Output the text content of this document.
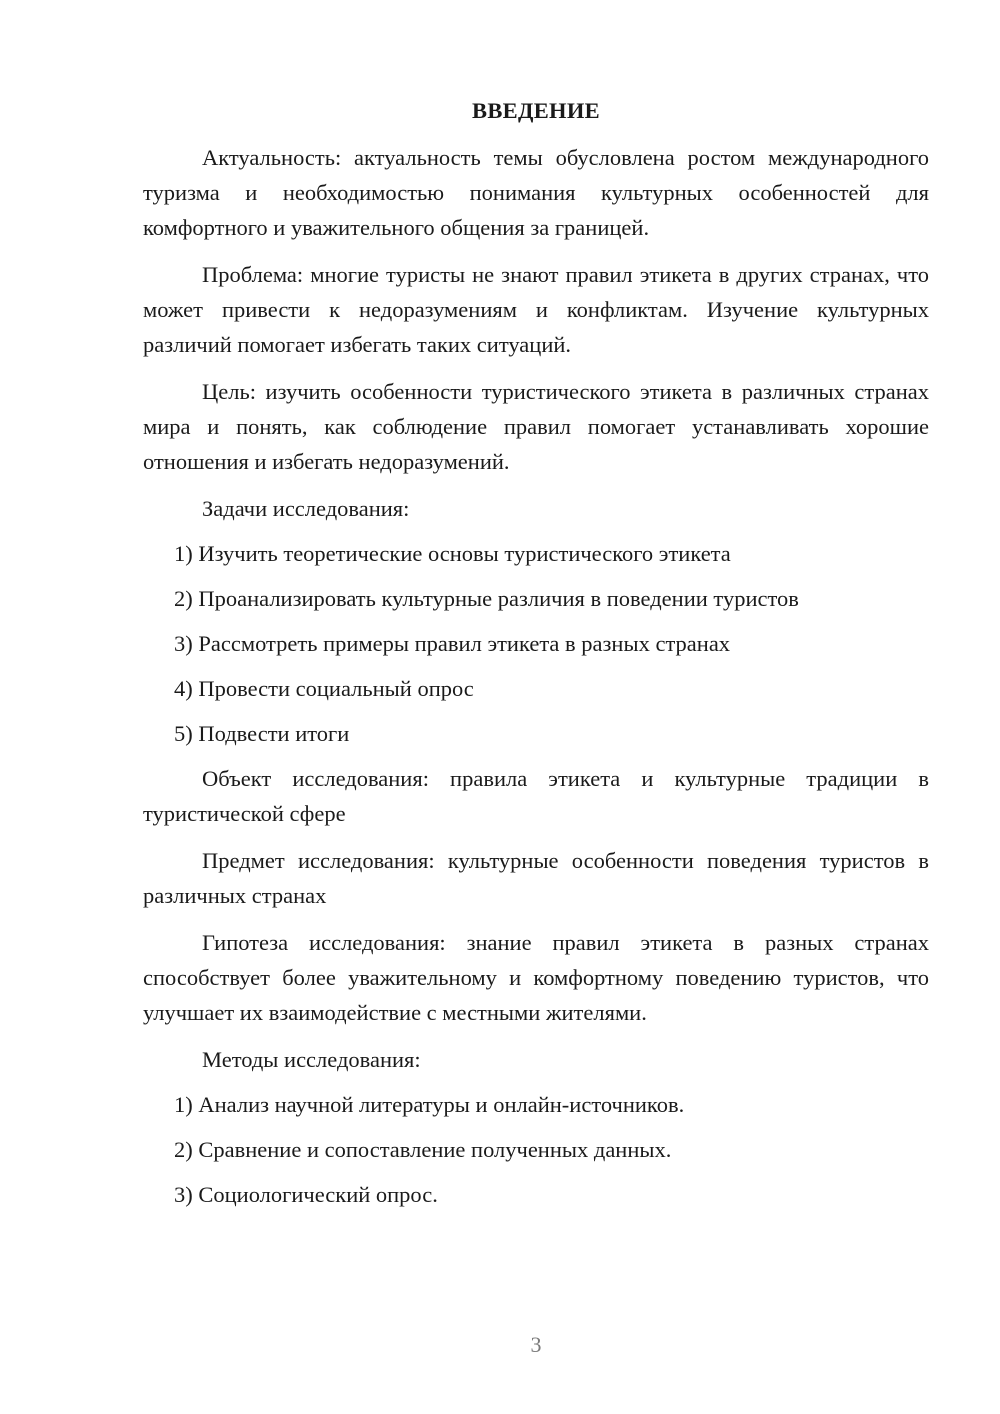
ВВЕДЕНИЕ

Актуальность: актуальность темы обусловлена ростом международного туризма и необходимостью понимания культурных особенностей для комфортного и уважительного общения за границей.

Проблема: многие туристы не знают правил этикета в других странах, что может привести к недоразумениям и конфликтам. Изучение культурных различий помогает избегать таких ситуаций.

Цель: изучить особенности туристического этикета в различных странах мира и понять, как соблюдение правил помогает устанавливать хорошие отношения и избегать недоразумений.

Задачи исследования:
1) Изучить теоретические основы туристического этикета
2) Проанализировать культурные различия в поведении туристов
3) Рассмотреть примеры правил этикета в разных странах
4) Провести социальный опрос
5) Подвести итоги

Объект исследования: правила этикета и культурные традиции в туристической сфере

Предмет исследования: культурные особенности поведения туристов в различных странах

Гипотеза исследования: знание правил этикета в разных странах способствует более уважительному и комфортному поведению туристов, что улучшает их взаимодействие с местными жителями.

Методы исследования:
1) Анализ научной литературы и онлайн-источников.
2) Сравнение и сопоставление полученных данных.
3) Социологический опрос.
3
